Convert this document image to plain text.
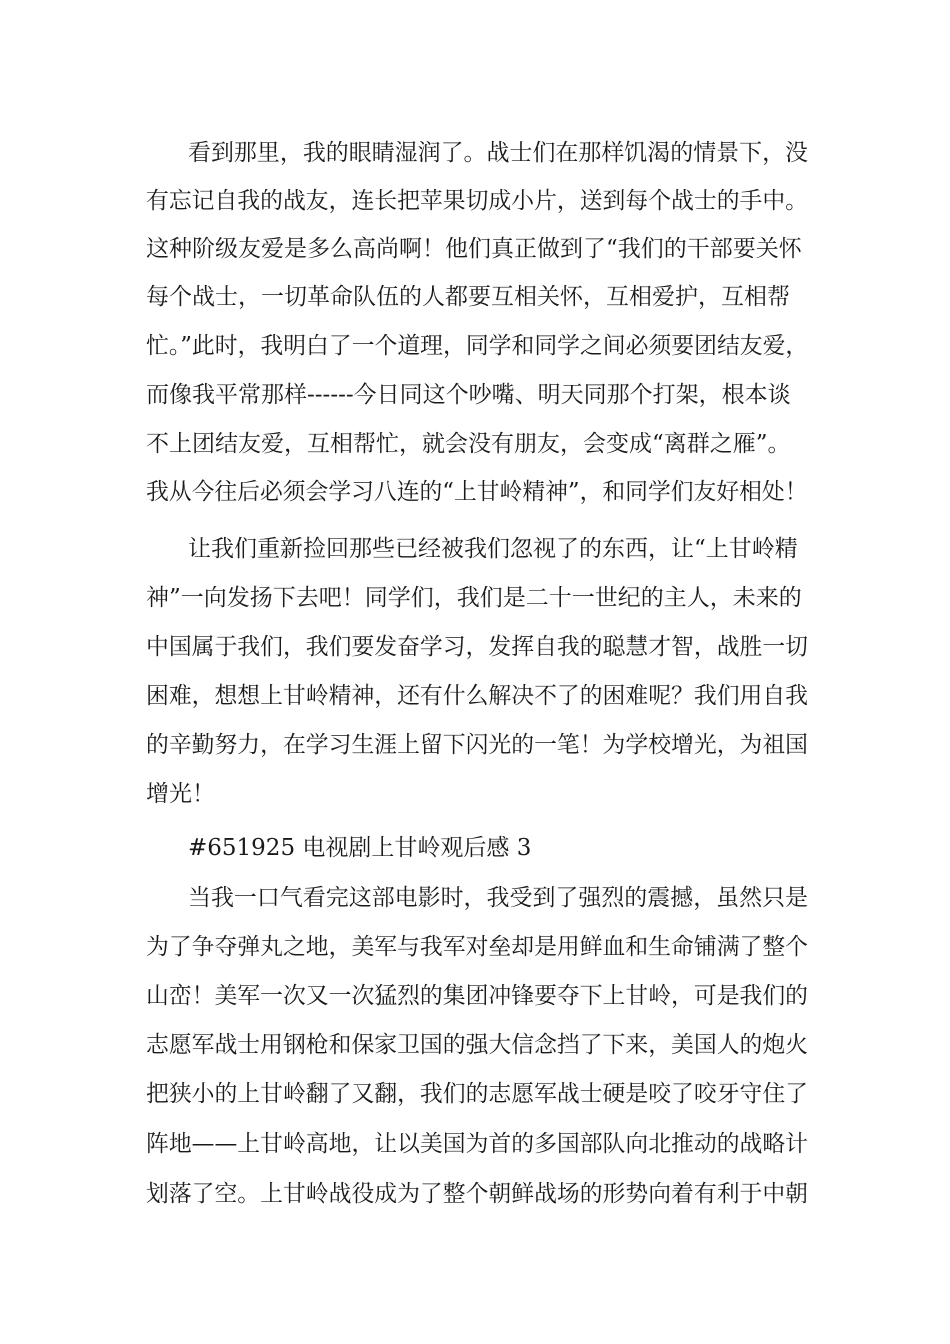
看到那里，我的眼睛湿润了。战士们在那样饥渴的情景下，没
有忘记自我的战友，连长把苹果切成小片，送到每个战士的手中。
这种阶级友爱是多么高尚啊！他们真正做到了“我们的干部要关怀
每个战士，一切革命队伍的人都要互相关怀，互相爱护，互相帮
忙。”此时，我明白了一个道理，同学和同学之间必须要团结友爱，
而像我平常那样------今日同这个吵嘴、明天同那个打架，根本谈
不上团结友爱，互相帮忙，就会没有朋友，会变成“离群之雁”。
我从今往后必须会学习八连的“上甘岭精神”，和同学们友好相处！
让我们重新捡回那些已经被我们忽视了的东西，让“上甘岭精
神”一向发扬下去吧！同学们，我们是二十一世纪的主人，未来的
中国属于我们，我们要发奋学习，发挥自我的聪慧才智，战胜一切
困难，想想上甘岭精神，还有什么解决不了的困难呢？我们用自我
的辛勤努力，在学习生涯上留下闪光的一笔！为学校增光，为祖国
增光！
#651925 电视剧上甘岭观后感 3
当我一口气看完这部电影时，我受到了强烈的震撼，虽然只是
为了争夺弹丸之地，美军与我军对垒却是用鲜血和生命铺满了整个
山峦！美军一次又一次猛烈的集团冲锋要夺下上甘岭，可是我们的
志愿军战士用钢枪和保家卫国的强大信念挡了下来，美国人的炮火
把狭小的上甘岭翻了又翻，我们的志愿军战士硬是咬了咬牙守住了
阵地——上甘岭高地，让以美国为首的多国部队向北推动的战略计
划落了空。上甘岭战役成为了整个朝鲜战场的形势向着有利于中朝
